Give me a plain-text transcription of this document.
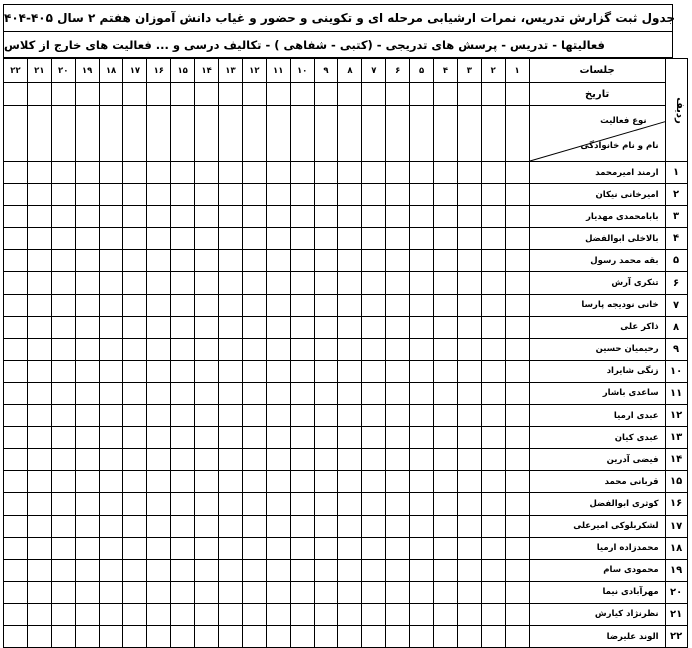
جدول ثبت گزارش تدریس، نمرات ارشیابی مرحله ای و تکوینی و حضور و غیاب دانش آموزان هفتم ۲ سال ۴۰۵-۴۰۴
فعالیتها - تدریس - پرسش های تدریجی - (کتبی - شفاهی ) - تکالیف درسی و ... فعالیت های خارج از کلاس
۲۲	۲۱	۲۰	۱۹	۱۸	۱۷	۱۶	۱۵	۱۴	۱۳	۱۲	۱۱	۱۰	۹	۸	۷	۶	۵	۴	۳	۲	۱	جلسات	ردیف
																						تاریخ	

																						نوع فعالیت
نام و نام خانوادگی	

																						ارمند امیرمحمد	۱
																						امیرخانی نیکان	۲
																						بابامحمدی مهدیار	۳
																						بالاخلی ابوالفضل	۴
																						بقه محمد رسول	۵
																						تنکری آرش	۶
																						خانی نودیجه پارسا	۷
																						ذاکر علی	۸
																						رحیمیان حسین	۹
																						زنگی شایراد	۱۰
																						ساعدی باشار	۱۱
																						عبدی ارمیا	۱۲
																						عبدی کیان	۱۳
																						فیضی آدرین	۱۴
																						قربانی محمد	۱۵
																						کوثری ابوالفضل	۱۶
																						لشکربلوکی امیرعلی	۱۷
																						محمدزاده ارمیا	۱۸
																						محمودی سام	۱۹
																						مهرآبادی نیما	۲۰
																						نظرنژاد کیارش	۲۱
																						الوند علیرضا	۲۲
